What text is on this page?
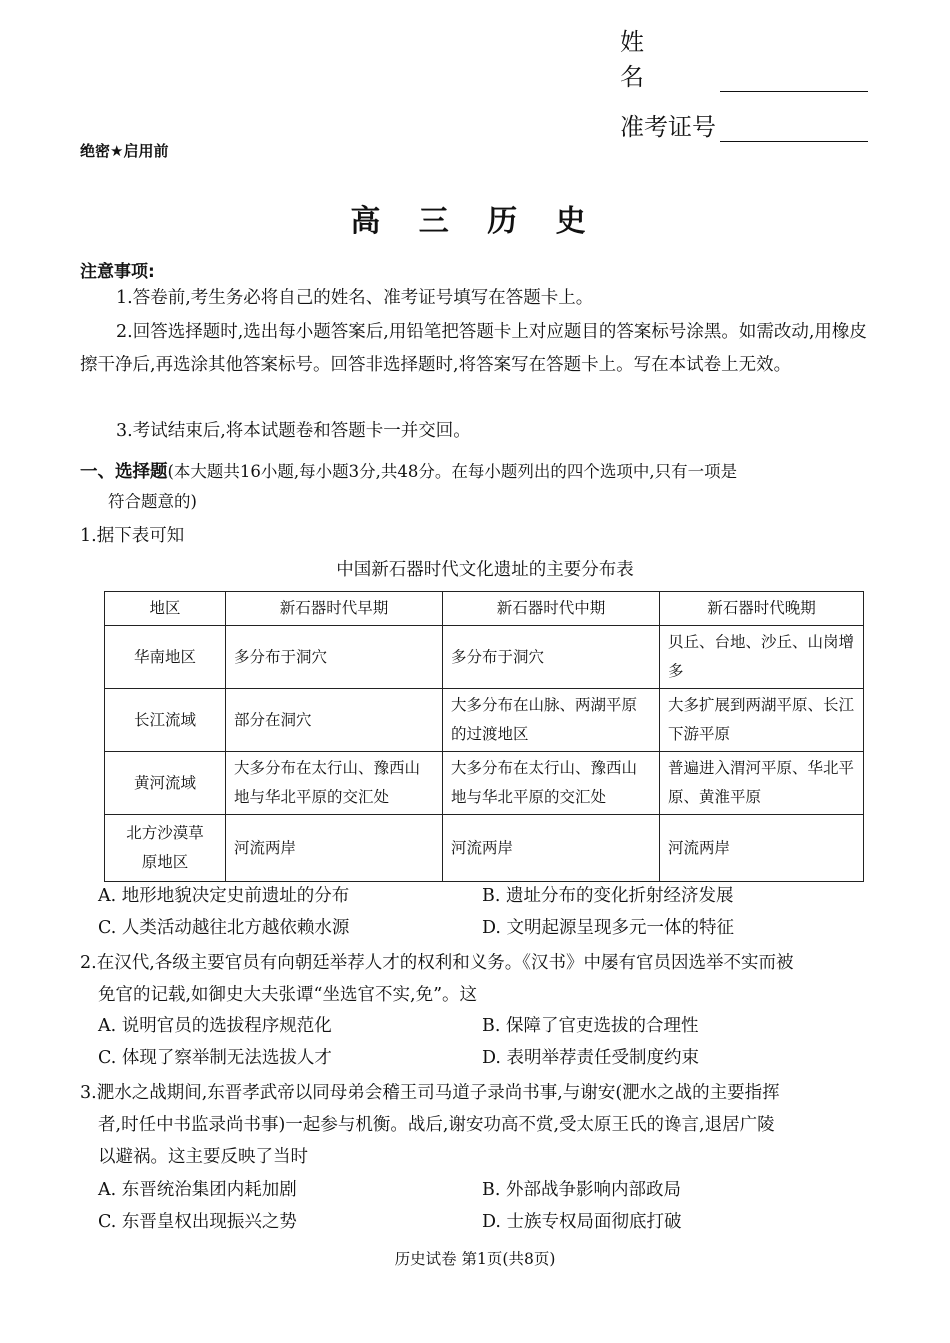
姓 名
准考证号
绝密★启用前
高 三 历 史
注意事项:
1.答卷前,考生务必将自己的姓名、准考证号填写在答题卡上。
2.回答选择题时,选出每小题答案后,用铅笔把答题卡上对应题目的答案标号涂黑。如需改动,用橡皮擦干净后,再选涂其他答案标号。回答非选择题时,将答案写在答题卡上。写在本试卷上无效。
3.考试结束后,将本试题卷和答题卡一并交回。
一、选择题(本大题共16小题,每小题3分,共48分。在每小题列出的四个选项中,只有一项是
符合题意的)
1.据下表可知
中国新石器时代文化遗址的主要分布表
地区	新石器时代早期	新石器时代中期	新石器时代晚期
华南地区	多分布于洞穴	多分布于洞穴	贝丘、台地、沙丘、山岗增多
长江流域	部分在洞穴	大多分布在山脉、两湖平原的过渡地区	大多扩展到两湖平原、长江下游平原
黄河流域	大多分布在太行山、豫西山地与华北平原的交汇处	大多分布在太行山、豫西山地与华北平原的交汇处	普遍进入渭河平原、华北平原、黄淮平原
北方沙漠草原地区	河流两岸	河流两岸	河流两岸
A. 地形地貌决定史前遗址的分布	B. 遗址分布的变化折射经济发展
C. 人类活动越往北方越依赖水源	D. 文明起源呈现多元一体的特征
2.在汉代,各级主要官员有向朝廷举荐人才的权利和义务。《汉书》中屡有官员因选举不实而被
免官的记载,如御史大夫张谭“坐选官不实,免”。这
A. 说明官员的选拔程序规范化	B. 保障了官吏选拔的合理性
C. 体现了察举制无法选拔人才	D. 表明举荐责任受制度约束
3.淝水之战期间,东晋孝武帝以同母弟会稽王司马道子录尚书事,与谢安(淝水之战的主要指挥
者,时任中书监录尚书事)一起参与机衡。战后,谢安功高不赏,受太原王氏的谗言,退居广陵
以避祸。这主要反映了当时
A. 东晋统治集团内耗加剧	B. 外部战争影响内部政局
C. 东晋皇权出现振兴之势	D. 士族专权局面彻底打破
历史试卷 第1页(共8页)
